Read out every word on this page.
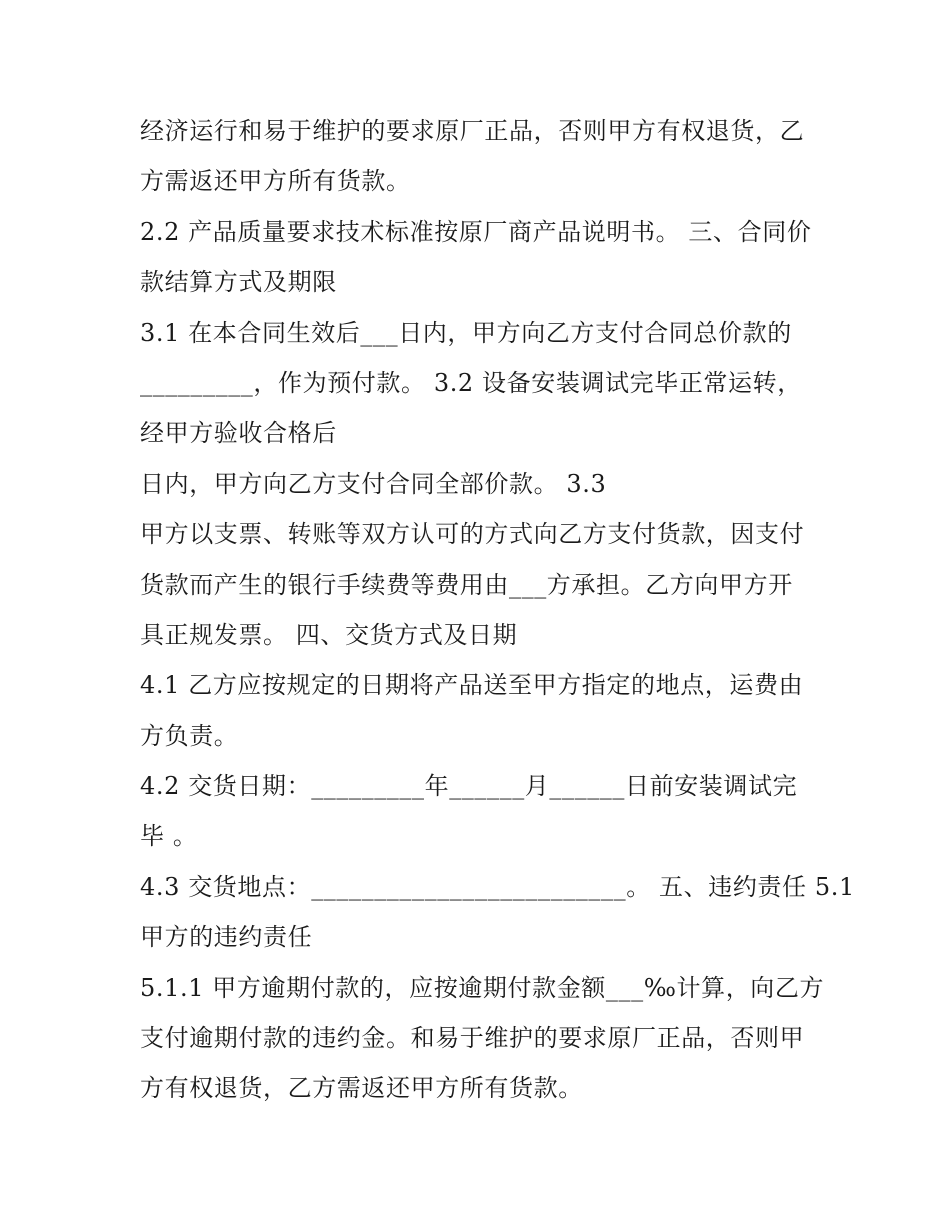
经济运行和易于维护的要求原厂正品，否则甲方有权退货，乙
方需返还甲方所有货款。
2.2 产品质量要求技术标准按原厂商产品说明书。 三、合同价
款结算方式及期限
3.1 在本合同生效后___日内，甲方向乙方支付合同总价款的
_________，作为预付款。 3.2 设备安装调试完毕正常运转，
经甲方验收合格后
日内，甲方向乙方支付合同全部价款。 3.3
甲方以支票、转账等双方认可的方式向乙方支付货款，因支付
货款而产生的银行手续费等费用由___方承担。乙方向甲方开
具正规发票。 四、交货方式及日期
4.1 乙方应按规定的日期将产品送至甲方指定的地点，运费由
方负责。
4.2 交货日期：_________年______月______日前安装调试完
毕 。
4.3 交货地点：_________________________。 五、违约责任 5.1
甲方的违约责任
5.1.1 甲方逾期付款的，应按逾期付款金额___‰计算，向乙方
支付逾期付款的违约金。和易于维护的要求原厂正品，否则甲
方有权退货，乙方需返还甲方所有货款。
